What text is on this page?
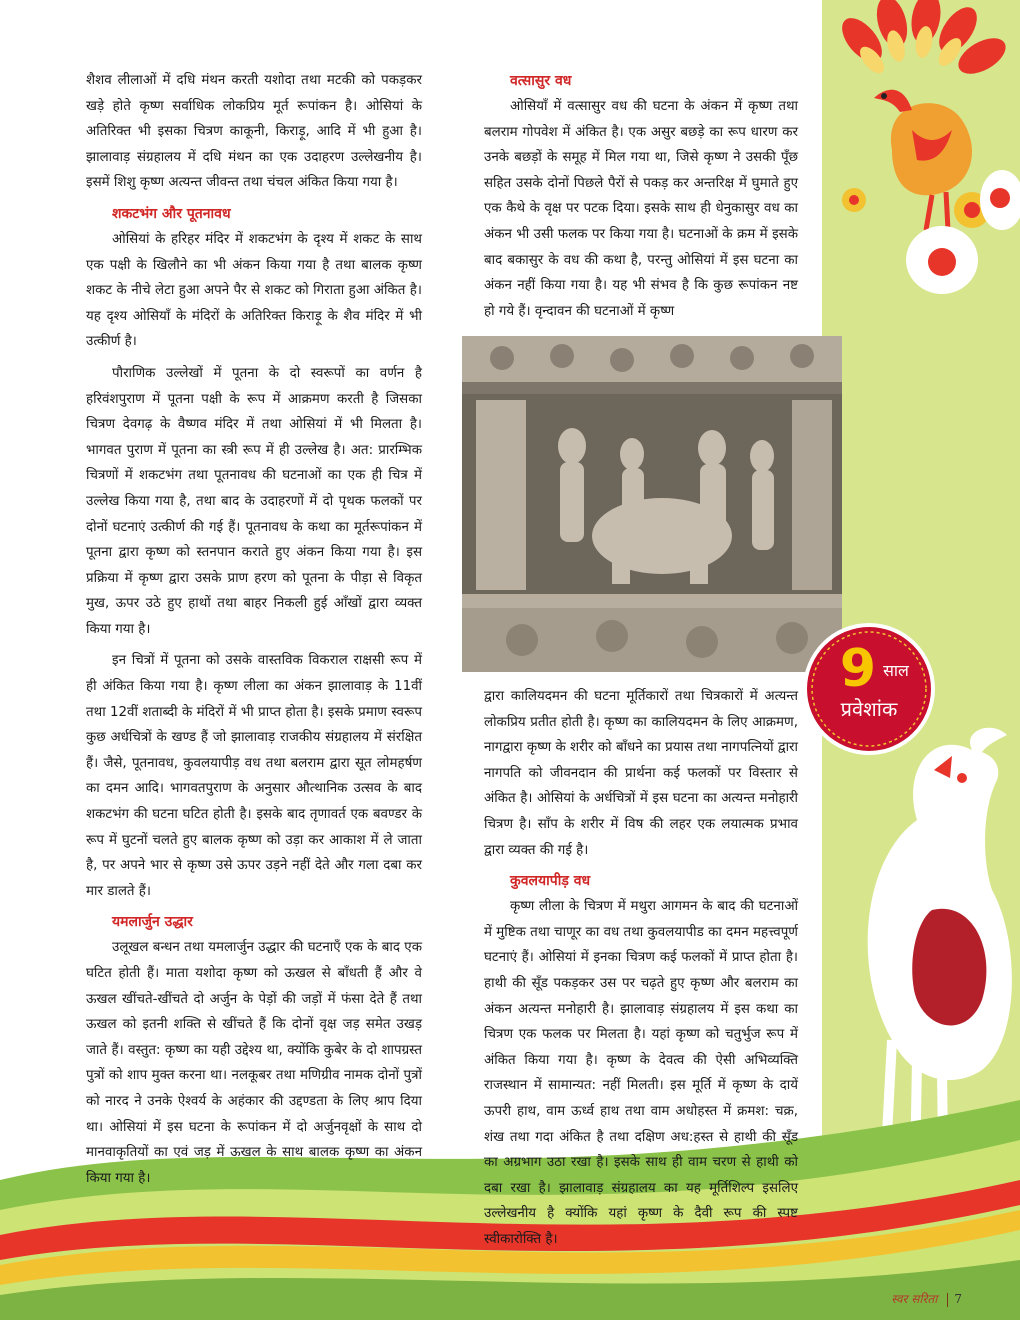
शैशव लीलाओं में दधि मंथन करती यशोदा तथा मटकी को पकड़कर खड़े होते कृष्ण सर्वाधिक लोकप्रिय मूर्त रूपांकन है। ओसियां के अतिरिक्त भी इसका चित्रण काकूनी, किराड़ू, आदि में भी हुआ है। झालावाड़ संग्रहालय में दधि मंथन का एक उदाहरण उल्लेखनीय है। इसमें शिशु कृष्ण अत्यन्त जीवन्त तथा चंचल अंकित किया गया है।

शकटभंग और पूतनावध

ओसियां के हरिहर मंदिर में शकटभंग के दृश्य में शकट के साथ एक पक्षी के खिलौने का भी अंकन किया गया है तथा बालक कृष्ण शकट के नीचे लेटा हुआ अपने पैर से शकट को गिराता हुआ अंकित है। यह दृश्य ओसियाँ के मंदिरों के अतिरिक्त किराड़ू के शैव मंदिर में भी उत्कीर्ण है।

पौराणिक उल्लेखों में पूतना के दो स्वरूपों का वर्णन है हरिवंशपुराण में पूतना पक्षी के रूप में आक्रमण करती है जिसका चित्रण देवगढ़ के वैष्णव मंदिर में तथा ओसियां में भी मिलता है। भागवत पुराण में पूतना का स्त्री रूप में ही उल्लेख है। अत: प्रारम्भिक चित्रणों में शकटभंग तथा पूतनावध की घटनाओं का एक ही चित्र में उल्लेख किया गया है, तथा बाद के उदाहरणों में दो पृथक फलकों पर दोनों घटनाएं उत्कीर्ण की गई हैं। पूतनावध के कथा का मूर्तरूपांकन में पूतना द्वारा कृष्ण को स्तनपान कराते हुए अंकन किया गया है। इस प्रक्रिया में कृष्ण द्वारा उसके प्राण हरण को पूतना के पीड़ा से विकृत मुख, ऊपर उठे हुए हाथों तथा बाहर निकली हुई आँखों द्वारा व्यक्त किया गया है।

इन चित्रों में पूतना को उसके वास्तविक विकराल राक्षसी रूप में ही अंकित किया गया है। कृष्ण लीला का अंकन झालावाड़ के 11वीं तथा 12वीं शताब्दी के मंदिरों में भी प्राप्त होता है। इसके प्रमाण स्वरूप कुछ अर्धचित्रों के खण्ड हैं जो झालावाड़ राजकीय संग्रहालय में संरक्षित हैं। जैसे, पूतनावध, कुवलयापीड़ वध तथा बलराम द्वारा सूत लोमहर्षण का दमन आदि। भागवतपुराण के अनुसार औत्थानिक उत्सव के बाद शकटभंग की घटना घटित होती है। इसके बाद तृणावर्त एक बवण्डर के रूप में घुटनों चलते हुए बालक कृष्ण को उड़ा कर आकाश में ले जाता है, पर अपने भार से कृष्ण उसे ऊपर उड़ने नहीं देते और गला दबा कर मार डालते हैं।

यमलार्जुन उद्धार

उलूखल बन्धन तथा यमलार्जुन उद्धार की घटनाएँ एक के बाद एक घटित होती हैं। माता यशोदा कृष्ण को ऊखल से बाँधती हैं और वे ऊखल खींचते-खींचते दो अर्जुन के पेड़ों की जड़ों में फंसा देते हैं तथा ऊखल को इतनी शक्ति से खींचते हैं कि दोनों वृक्ष जड़ समेत उखड़ जाते हैं। वस्तुत: कृष्ण का यही उद्देश्य था, क्योंकि कुबेर के दो शापग्रस्त पुत्रों को शाप मुक्त करना था। नलकूबर तथा मणिग्रीव नामक दोनों पुत्रों को नारद ने उनके ऐश्वर्य के अहंकार की उद्दण्डता के लिए श्राप दिया था। ओसियां में इस घटना के रूपांकन में दो अर्जुनवृक्षों के साथ दो मानवाकृतियों का एवं जड़ में ऊखल के साथ बालक कृष्ण का अंकन किया गया है।

वत्सासुर वध

ओसियाँ में वत्सासुर वध की घटना के अंकन में कृष्ण तथा बलराम गोपवेश में अंकित है। एक असुर बछड़े का रूप धारण कर उनके बछड़ों के समूह में मिल गया था, जिसे कृष्ण ने उसकी पूँछ सहित उसके दोनों पिछले पैरों से पकड़ कर अन्तरिक्ष में घुमाते हुए एक कैथे के वृक्ष पर पटक दिया। इसके साथ ही धेनुकासुर वध का अंकन भी उसी फलक पर किया गया है। घटनाओं के क्रम में इसके बाद बकासुर के वध की कथा है, परन्तु ओसियां में इस घटना का अंकन नहीं किया गया है। यह भी संभव है कि कुछ रूपांकन नष्ट हो गये हैं। वृन्दावन की घटनाओं में कृष्ण

9 साल
प्रवेशांक

द्वारा कालियदमन की घटना मूर्तिकारों तथा चित्रकारों में अत्यन्त लोकप्रिय प्रतीत होती है। कृष्ण का कालियदमन के लिए आक्रमण, नागद्वारा कृष्ण के शरीर को बाँधने का प्रयास तथा नागपत्नियों द्वारा नागपति को जीवनदान की प्रार्थना कई फलकों पर विस्तार से अंकित है। ओसियां के अर्धचित्रों में इस घटना का अत्यन्त मनोहारी चित्रण है। साँप के शरीर में विष की लहर एक लयात्मक प्रभाव द्वारा व्यक्त की गई है।

कुवलयापीड़ वध

कृष्ण लीला के चित्रण में मथुरा आगमन के बाद की घटनाओं में मुष्टिक तथा चाणूर का वध तथा कुवलयापीड का दमन महत्त्वपूर्ण घटनाएं हैं। ओसियां में इनका चित्रण कई फलकों में प्राप्त होता है। हाथी की सूँड पकड़कर उस पर चढ़ते हुए कृष्ण और बलराम का अंकन अत्यन्त मनोहारी है। झालावाड़ संग्रहालय में इस कथा का चित्रण एक फलक पर मिलता है। यहां कृष्ण को चतुर्भुज रूप में अंकित किया गया है। कृष्ण के देवत्व की ऐसी अभिव्यक्ति राजस्थान में सामान्यत: नहीं मिलती। इस मूर्ति में कृष्ण के दायें ऊपरी हाथ, वाम ऊर्ध्व हाथ तथा वाम अधोहस्त में क्रमश: चक्र, शंख तथा गदा अंकित है तथा दक्षिण अध:हस्त से हाथी की सूँड का अग्रभाग उठा रखा है। इसके साथ ही वाम चरण से हाथी को दबा रखा है। झालावाड़ संग्रहालय का यह मूर्तिशिल्प इसलिए उल्लेखनीय है क्योंकि यहां कृष्ण के दैवी रूप की स्पष्ट स्वीकारोक्ति है।

स्वर सरिता 7
